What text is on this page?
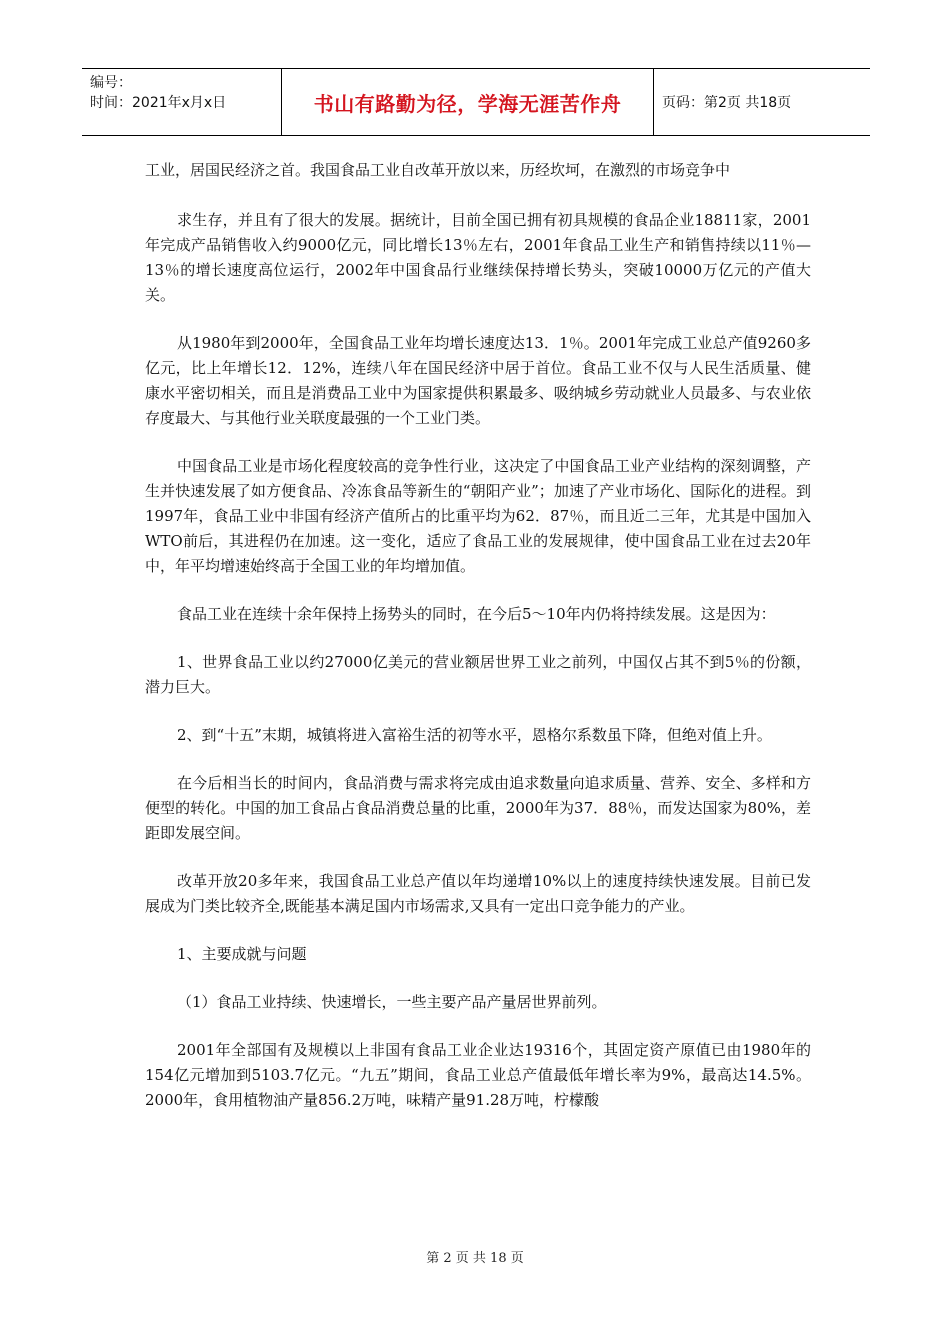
编号：
时间：2021年x月x日	书山有路勤为径，学海无涯苦作舟	页码：第2页 共18页

工业，居国民经济之首。我国食品工业自改革开放以来，历经坎坷，在激烈的市场竞争中

求生存，并且有了很大的发展。据统计，目前全国已拥有初具规模的食品企业18811家，2001年完成产品销售收入约9000亿元，同比增长13％左右，2001年食品工业生产和销售持续以11％—13％的增长速度高位运行，2002年中国食品行业继续保持增长势头，突破10000万亿元的产值大关。

从1980年到2000年，全国食品工业年均增长速度达13．1％。2001年完成工业总产值9260多亿元，比上年增长12．12%，连续八年在国民经济中居于首位。食品工业不仅与人民生活质量、健康水平密切相关，而且是消费品工业中为国家提供积累最多、吸纳城乡劳动就业人员最多、与农业依存度最大、与其他行业关联度最强的一个工业门类。

中国食品工业是市场化程度较高的竞争性行业，这决定了中国食品工业产业结构的深刻调整，产生并快速发展了如方便食品、冷冻食品等新生的“朝阳产业”；加速了产业市场化、国际化的进程。到1997年，食品工业中非国有经济产值所占的比重平均为62．87％，而且近二三年，尤其是中国加入WTO前后，其进程仍在加速。这一变化，适应了食品工业的发展规律，使中国食品工业在过去20年中，年平均增速始终高于全国工业的年均增加值。

食品工业在连续十余年保持上扬势头的同时，在今后5～10年内仍将持续发展。这是因为：

1、世界食品工业以约27000亿美元的营业额居世界工业之前列，中国仅占其不到5％的份额，潜力巨大。

2、到“十五”末期，城镇将进入富裕生活的初等水平，恩格尔系数虽下降，但绝对值上升。

在今后相当长的时间内，食品消费与需求将完成由追求数量向追求质量、营养、安全、多样和方便型的转化。中国的加工食品占食品消费总量的比重，2000年为37．88％，而发达国家为80%，差距即发展空间。

改革开放20多年来，我国食品工业总产值以年均递增10%以上的速度持续快速发展。目前已发展成为门类比较齐全,既能基本满足国内市场需求,又具有一定出口竞争能力的产业。

1、主要成就与问题

（1）食品工业持续、快速增长，一些主要产品产量居世界前列。

2001年全部国有及规模以上非国有食品工业企业达19316个，其固定资产原值已由1980年的154亿元增加到5103.7亿元。“九五”期间，食品工业总产值最低年增长率为9%，最高达14.5%。2000年，食用植物油产量856.2万吨，味精产量91.28万吨，柠檬酸

第 2 页 共 18 页
